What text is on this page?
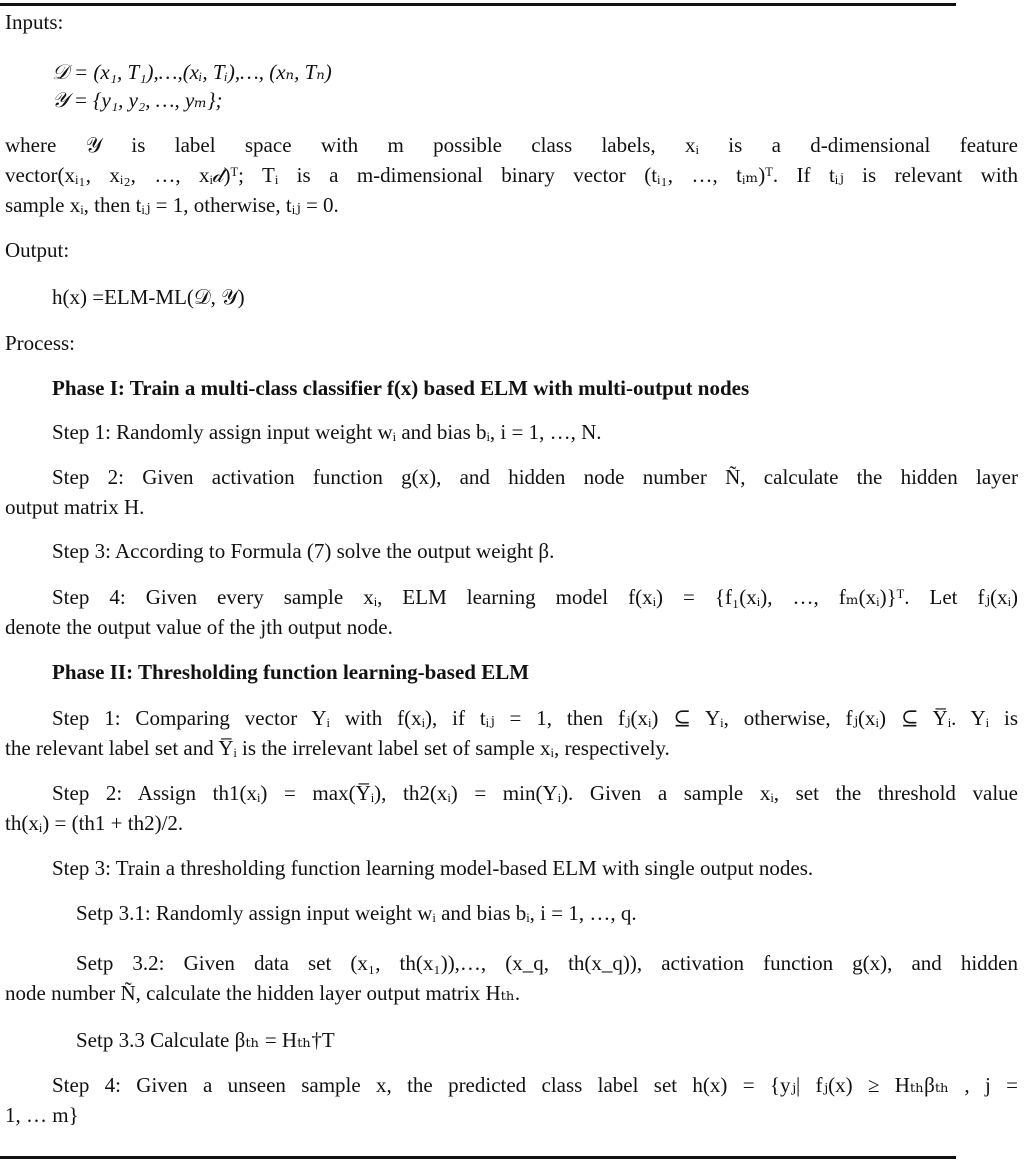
Inputs:
𝒟 = (x₁, T₁),…,(xᵢ, Tᵢ),…, (xₙ, Tₙ)
𝒴 = {y₁, y₂, …, yₘ};
where 𝒴 is label space with m possible class labels, xᵢ is a d-dimensional feature
vector(xᵢ₁, xᵢ₂, …, xᵢ𝒹)ᵀ; Tᵢ is a m-dimensional binary vector (tᵢ₁, …, tᵢₘ)ᵀ. If tᵢⱼ is relevant with
sample xᵢ, then tᵢⱼ = 1, otherwise, tᵢⱼ = 0.
Output:
h(x) =ELM-ML(𝒟, 𝒴)
Process:
Phase I: Train a multi-class classifier f(x) based ELM with multi-output nodes
Step 1: Randomly assign input weight wᵢ and bias bᵢ, i = 1, …, N.
Step 2: Given activation function g(x), and hidden node number Ñ, calculate the hidden layer
output matrix H.
Step 3: According to Formula (7) solve the output weight β.
Step 4: Given every sample xᵢ, ELM learning model f(xᵢ) = {f₁(xᵢ), …, fₘ(xᵢ)}ᵀ. Let fⱼ(xᵢ)
denote the output value of the jth output node.
Phase II: Thresholding function learning-based ELM
Step 1: Comparing vector Yᵢ with f(xᵢ), if tᵢⱼ = 1, then fⱼ(xᵢ) ⊆ Yᵢ, otherwise, fⱼ(xᵢ) ⊆ Y̅ᵢ. Yᵢ is
the relevant label set and Y̅ᵢ is the irrelevant label set of sample xᵢ, respectively.
Step 2: Assign th1(xᵢ) = max(Y̅ᵢ), th2(xᵢ) = min(Yᵢ). Given a sample xᵢ, set the threshold value
th(xᵢ) = (th1 + th2)/2.
Step 3: Train a thresholding function learning model-based ELM with single output nodes.
Setp 3.1: Randomly assign input weight wᵢ and bias bᵢ, i = 1, …, q.
Setp 3.2: Given data set (x₁, th(x₁)),…, (x_q, th(x_q)), activation function g(x), and hidden
node number Ñ, calculate the hidden layer output matrix Hₜₕ.
Setp 3.3 Calculate βₜₕ = Hₜₕ†T
Step 4: Given a unseen sample x, the predicted class label set h(x) = {yⱼ| fⱼ(x) ≥ Hₜₕβₜₕ , j =
1, … m}
